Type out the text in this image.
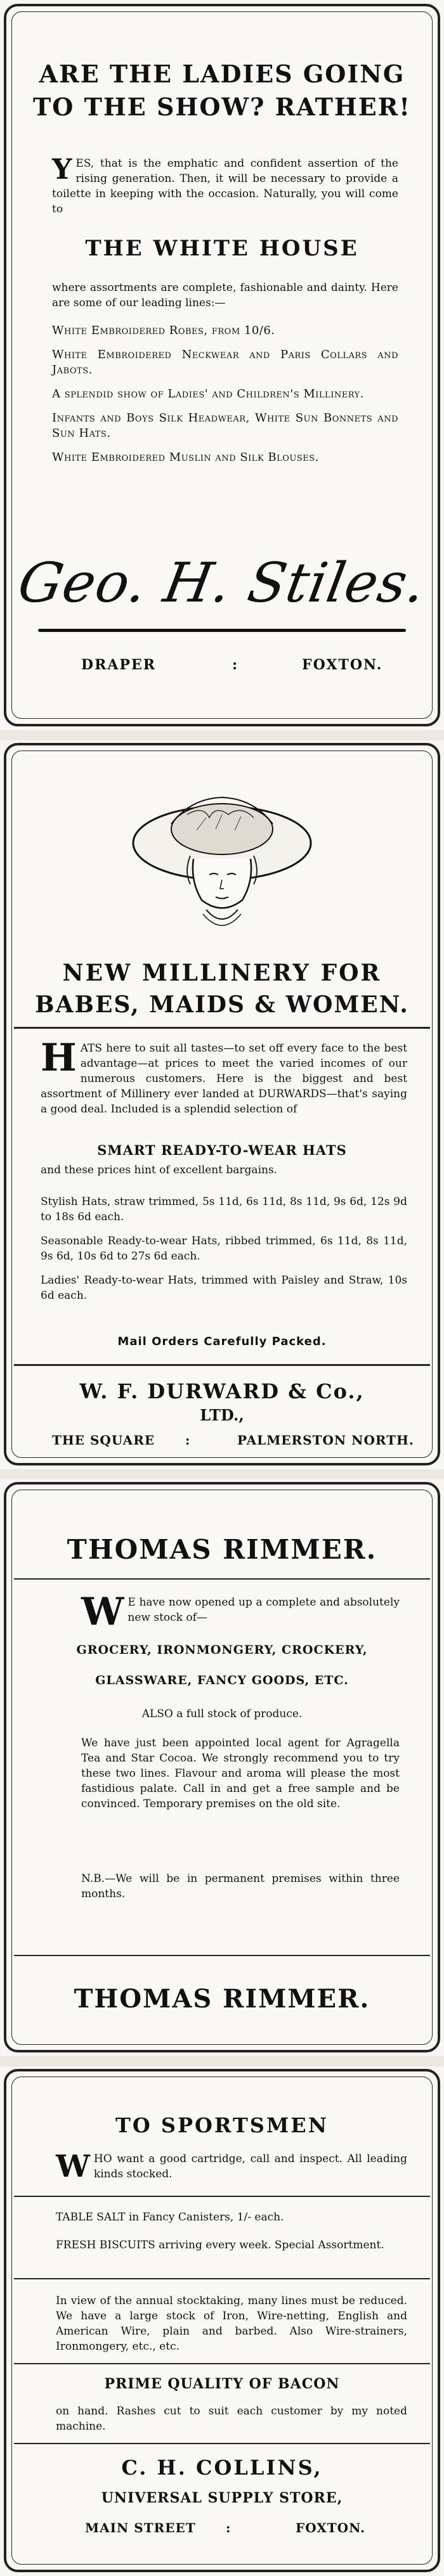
ARE THE LADIES GOING
TO THE SHOW? RATHER!
YES, that is the emphatic and confident assertion of the rising generation. Then, it will be necessary to provide a toilette in keeping with the occasion. Naturally, you will come to
THE WHITE HOUSE
where assortments are complete, fashionable and dainty. Here are some of our leading lines:—
White Embroidered Robes, from 10/6.
White Embroidered Neckwear and Paris Collars and Jabots.
A splendid show of Ladies' and Children's Millinery.
Infants and Boys Silk Headwear, White Sun Bonnets and Sun Hats.
White Embroidered Muslin and Silk Blouses.
Geo. H. Stiles.
DRAPER	:	FOXTON.
NEW MILLINERY FOR
BABES, MAIDS & WOMEN.
HATS here to suit all tastes—to set off every face to the best advantage—at prices to meet the varied incomes of our numerous customers. Here is the biggest and best assortment of Millinery ever landed at DURWARDS—that's saying a good deal. Included is a splendid selection of
SMART READY-TO-WEAR HATS
and these prices hint of excellent bargains.
Stylish Hats, straw trimmed, 5s 11d, 6s 11d, 8s 11d, 9s 6d, 12s 9d to 18s 6d each.
Seasonable Ready-to-wear Hats, ribbed trimmed, 6s 11d, 8s 11d, 9s 6d, 10s 6d to 27s 6d each.
Ladies' Ready-to-wear Hats, trimmed with Paisley and Straw, 10s 6d each.
Mail Orders Carefully Packed.
W. F. DURWARD & Co.,
LTD.,
THE SQUARE :	PALMERSTON NORTH.
THOMAS RIMMER.
W E have now opened up a complete and absolutely new stock of—
GROCERY, IRONMONGERY, CROCKERY,
GLASSWARE, FANCY GOODS, ETC.
ALSO a full stock of produce.
We have just been appointed local agent for Agragella Tea and Star Cocoa. We strongly recommend you to try these two lines. Flavour and aroma will please the most fastidious palate. Call in and get a free sample and be convinced. Temporary premises on the old site.
N.B.—We will be in permanent premises within three months.
THOMAS RIMMER.
TO SPORTSMEN
WHO want a good cartridge, call and inspect. All leading kinds stocked.
TABLE SALT in Fancy Canisters, 1/- each.
FRESH BISCUITS arriving every week. Special Assortment.
In view of the annual stocktaking, many lines must be reduced. We have a large stock of Iron, Wire-netting, English and American Wire, plain and barbed. Also Wire-strainers, Ironmongery, etc., etc.
PRIME QUALITY OF BACON
on hand. Rashes cut to suit each customer by my noted machine.
C. H. COLLINS,
UNIVERSAL SUPPLY STORE,
MAIN STREET :	FOXTON.
